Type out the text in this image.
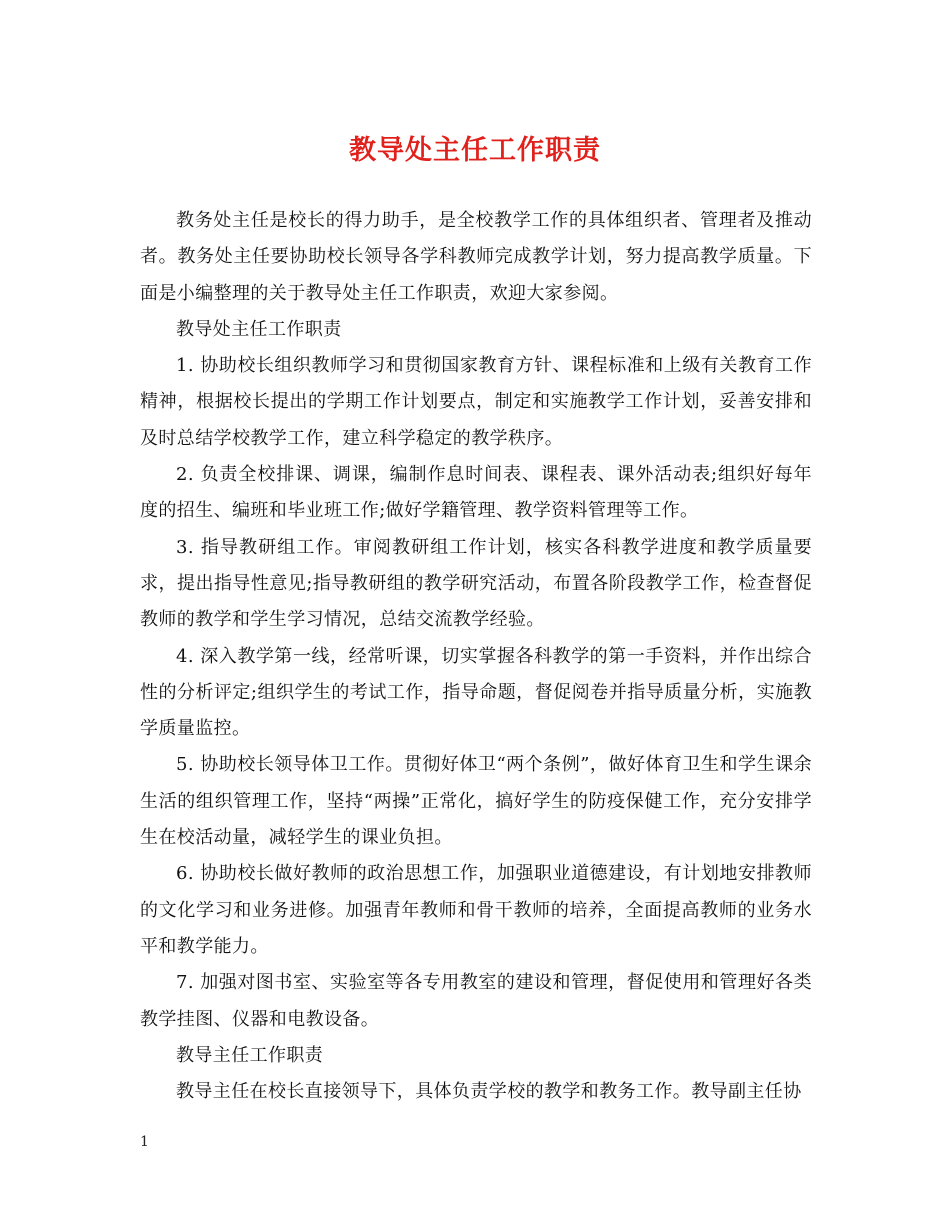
教导处主任工作职责

教务处主任是校长的得力助手，是全校教学工作的具体组织者、管理者及推动者。教务处主任要协助校长领导各学科教师完成教学计划，努力提高教学质量。下面是小编整理的关于教导处主任工作职责，欢迎大家参阅。

教导处主任工作职责

1. 协助校长组织教师学习和贯彻国家教育方针、课程标准和上级有关教育工作精神，根据校长提出的学期工作计划要点，制定和实施教学工作计划，妥善安排和及时总结学校教学工作，建立科学稳定的教学秩序。

2. 负责全校排课、调课，编制作息时间表、课程表、课外活动表;组织好每年度的招生、编班和毕业班工作;做好学籍管理、教学资料管理等工作。

3. 指导教研组工作。审阅教研组工作计划，核实各科教学进度和教学质量要求，提出指导性意见;指导教研组的教学研究活动，布置各阶段教学工作，检查督促教师的教学和学生学习情况，总结交流教学经验。

4. 深入教学第一线，经常听课，切实掌握各科教学的第一手资料，并作出综合性的分析评定;组织学生的考试工作，指导命题，督促阅卷并指导质量分析，实施教学质量监控。

5. 协助校长领导体卫工作。贯彻好体卫“两个条例”，做好体育卫生和学生课余生活的组织管理工作，坚持“两操”正常化，搞好学生的防疫保健工作，充分安排学生在校活动量，减轻学生的课业负担。

6. 协助校长做好教师的政治思想工作，加强职业道德建设，有计划地安排教师的文化学习和业务进修。加强青年教师和骨干教师的培养，全面提高教师的业务水平和教学能力。

7. 加强对图书室、实验室等各专用教室的建设和管理，督促使用和管理好各类教学挂图、仪器和电教设备。

教导主任工作职责

教导主任在校长直接领导下，具体负责学校的教学和教务工作。教导副主任协

1
